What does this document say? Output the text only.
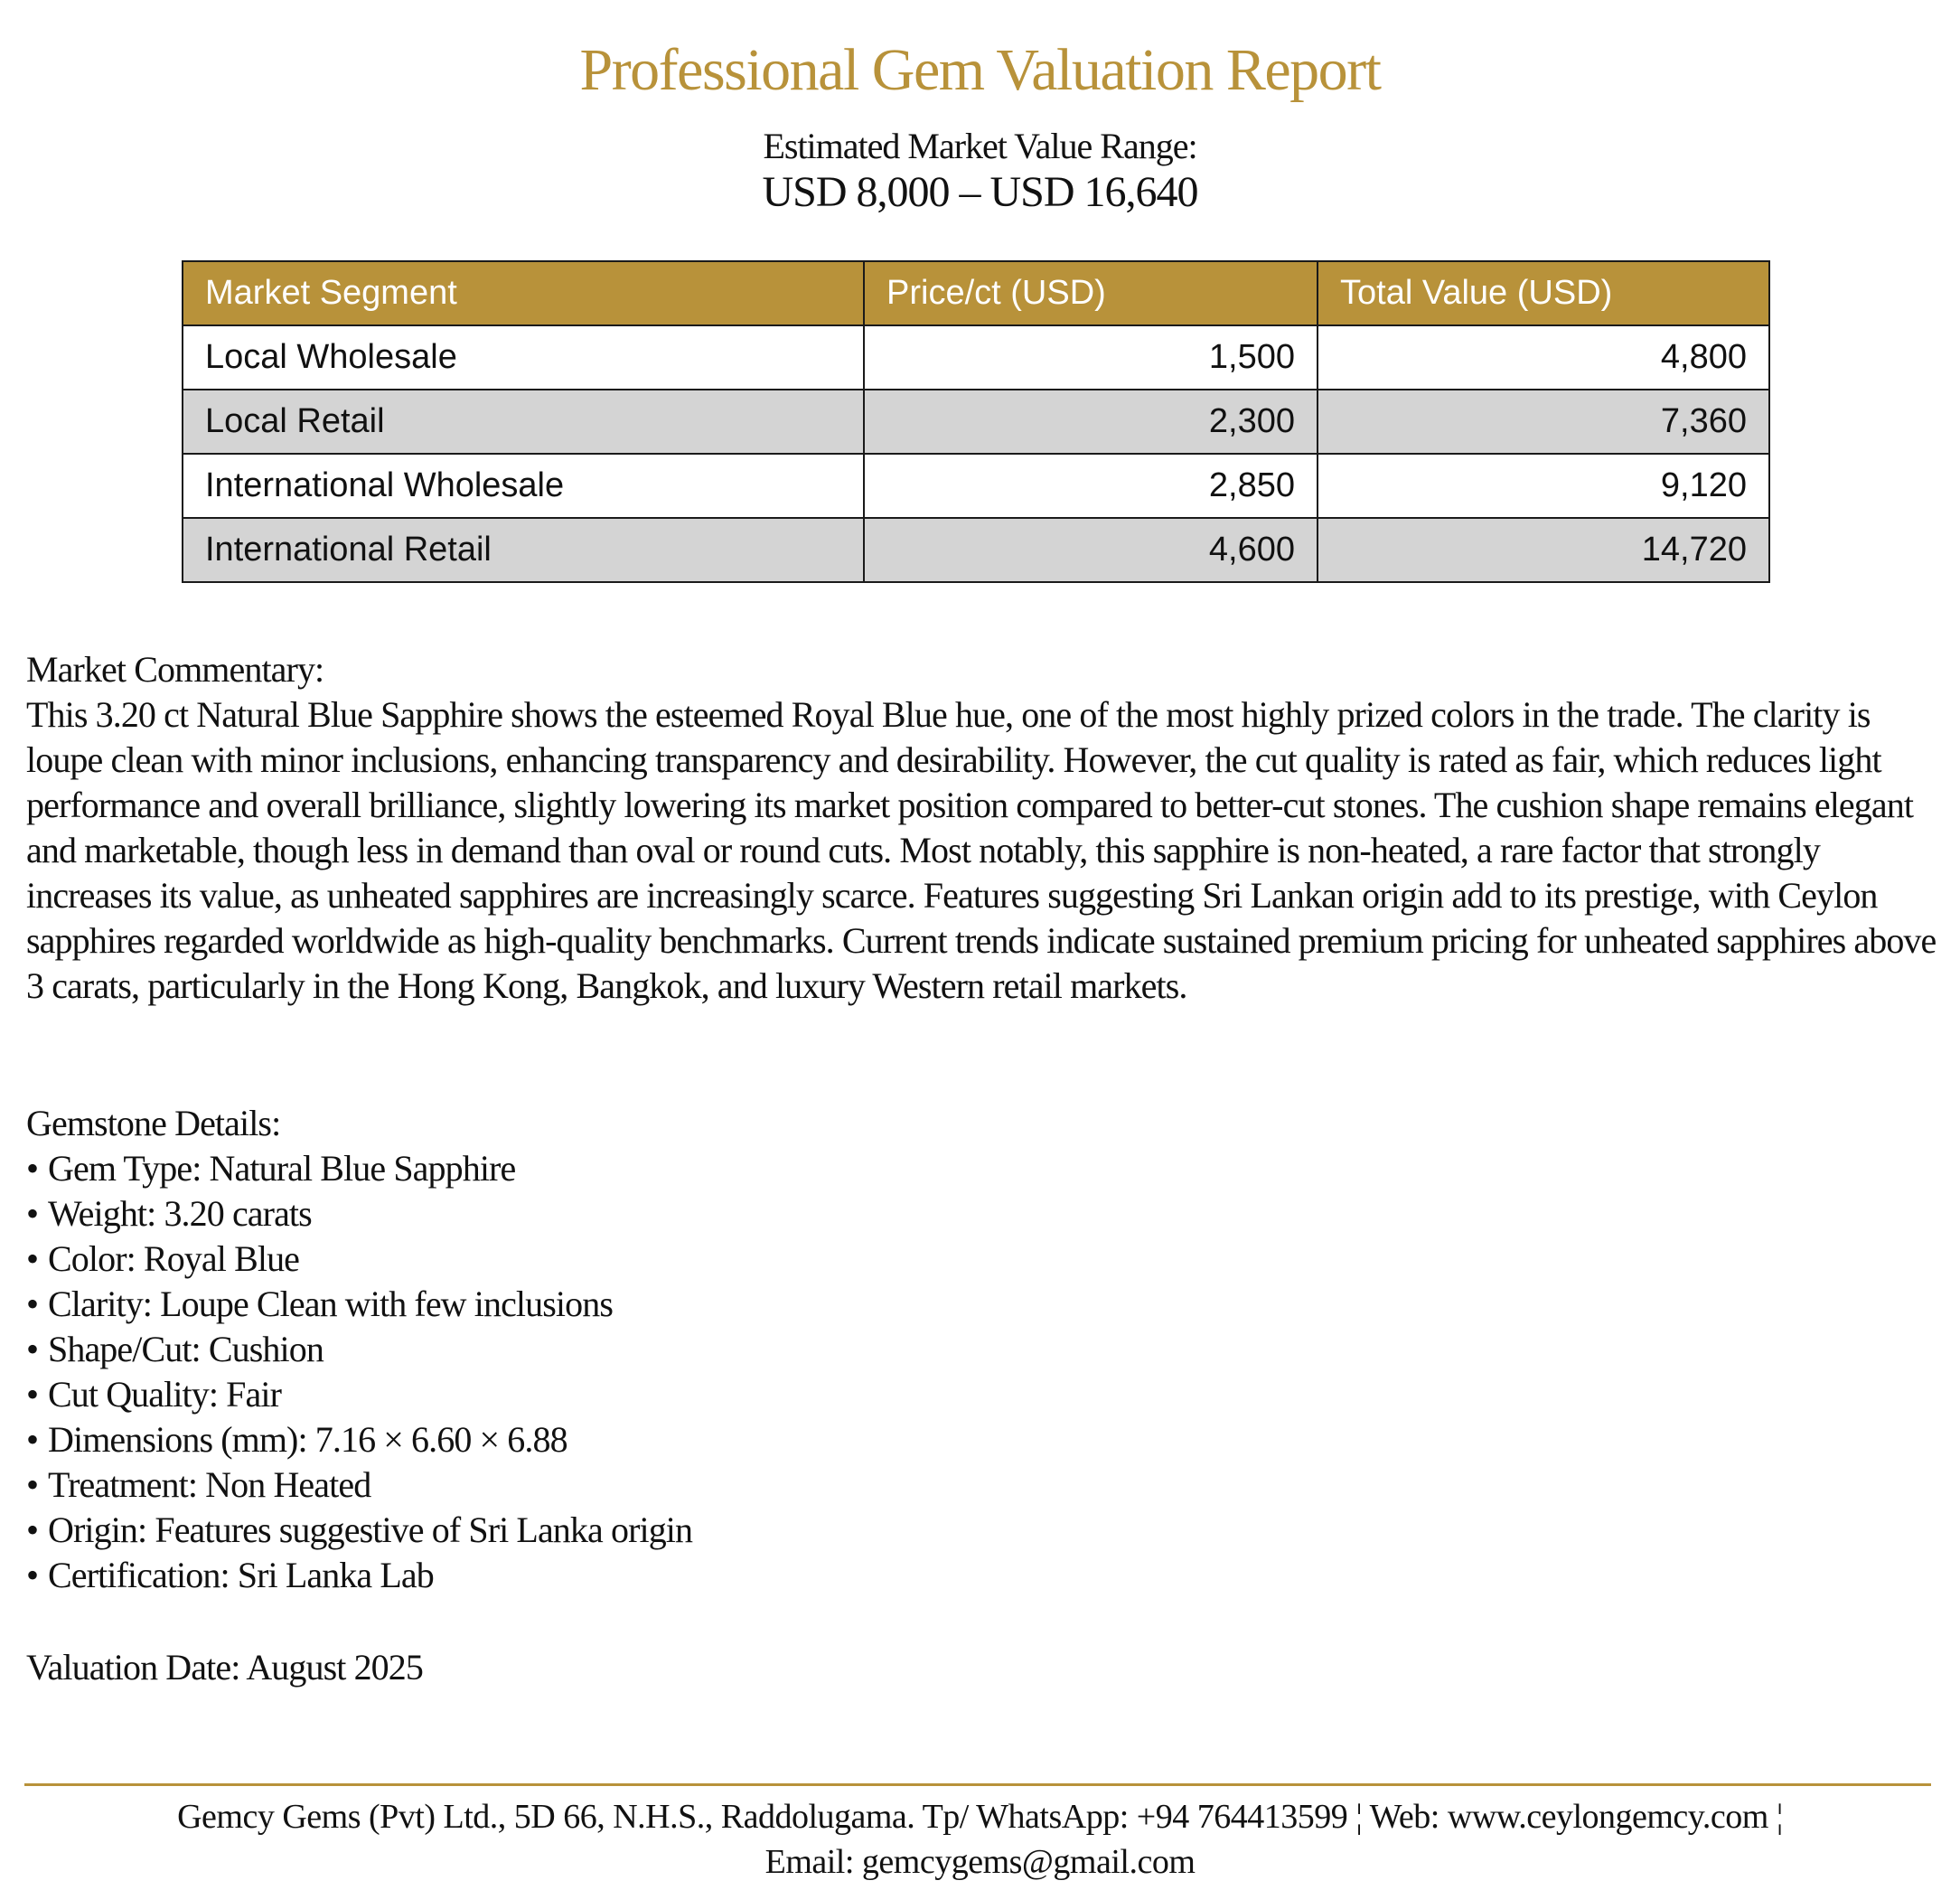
Professional Gem Valuation Report
Estimated Market Value Range:
USD 8,000 – USD 16,640
Market Segment	Price/ct (USD)	Total Value (USD)
Local Wholesale	1,500	4,800
Local Retail	2,300	7,360
International Wholesale	2,850	9,120
International Retail	4,600	14,720

Market Commentary:

This 3.20 ct Natural Blue Sapphire shows the esteemed Royal Blue hue, one of the most highly prized colors in the trade. The clarity is loupe clean with minor inclusions, enhancing transparency and desirability. However, the cut quality is rated as fair, which reduces light performance and overall brilliance, slightly lowering its market position compared to better-cut stones. The cushion shape remains elegant and marketable, though less in demand than oval or round cuts. Most notably, this sapphire is non-heated, a rare factor that strongly increases its value, as unheated sapphires are increasingly scarce. Features suggesting Sri Lankan origin add to its prestige, with Ceylon sapphires regarded worldwide as high-quality benchmarks. Current trends indicate sustained premium pricing for unheated sapphires above 3 carats, particularly in the Hong Kong, Bangkok, and luxury Western retail markets.

Gemstone Details:

• Gem Type: Natural Blue Sapphire
• Weight: 3.20 carats
• Color: Royal Blue
• Clarity: Loupe Clean with few inclusions
• Shape/Cut: Cushion
• Cut Quality: Fair
• Dimensions (mm): 7.16 × 6.60 × 6.88
• Treatment: Non Heated
• Origin: Features suggestive of Sri Lanka origin
• Certification: Sri Lanka Lab
Valuation Date: August 2025
Gemcy Gems (Pvt) Ltd., 5D 66, N.H.S., Raddolugama. Tp/ WhatsApp: +94 764413599 ¦ Web: www.ceylongemcy.com ¦
Email: gemcygems@gmail.com
